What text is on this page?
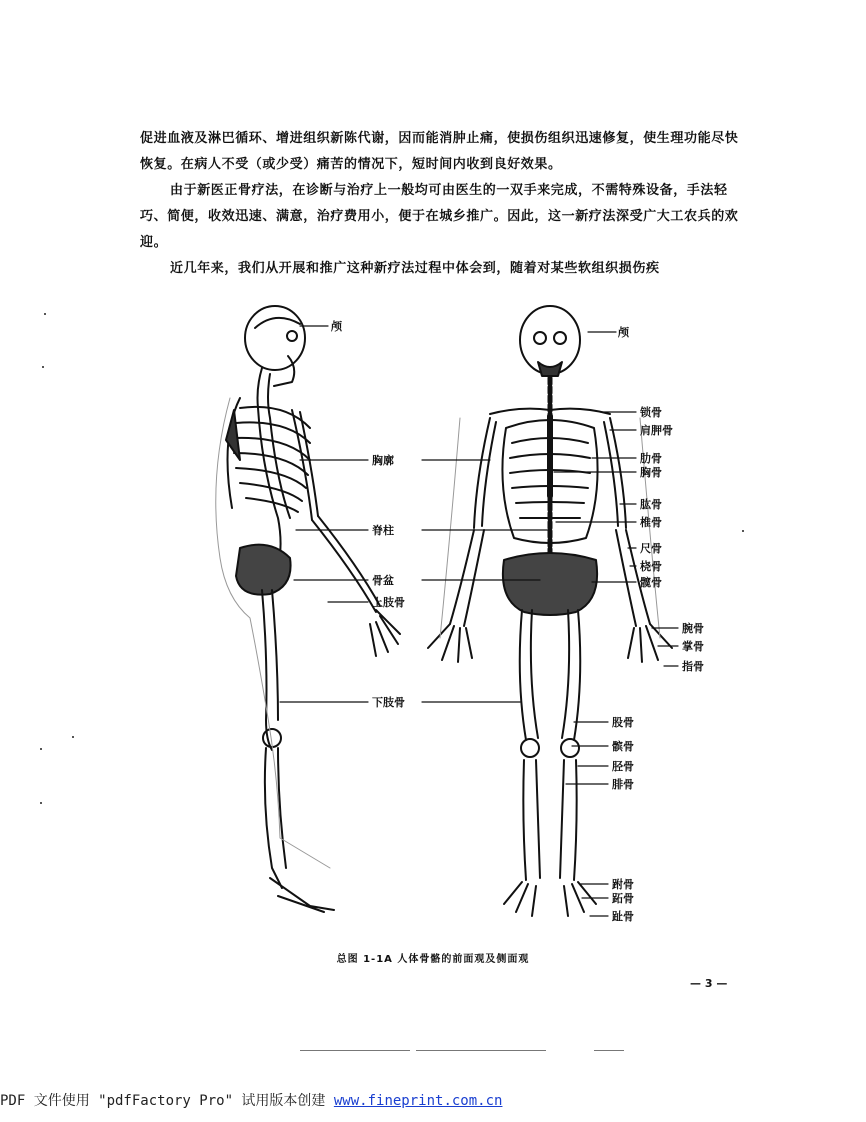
促进血液及淋巴循环、增进组织新陈代谢，因而能消肿止痛，使损伤组织迅速修复，使生理功能尽快恢复。在病人不受（或少受）痛苦的情况下，短时间内收到良好效果。

由于新医正骨疗法，在诊断与治疗上一般均可由医生的一双手来完成，不需特殊设备，手法轻巧、简便，收效迅速、满意，治疗费用小，便于在城乡推广。因此，这一新疗法深受广大工农兵的欢迎。

近几年来，我们从开展和推广这种新疗法过程中体会到，随着对某些软组织损伤疾

颅	颅
胸廓
脊柱
骨盆
上肢骨
下肢骨
锁骨
肩胛骨
肋骨
胸骨
肱骨
椎骨
尺骨
桡骨
髋骨
腕骨
掌骨
指骨
股骨
髌骨
胫骨
腓骨
跗骨
跖骨
趾骨
总图 1-1A 人体骨骼的前面观及侧面观
— 3 —
PDF 文件使用 "pdfFactory Pro" 试用版本创建 www.fineprint.com.cn
